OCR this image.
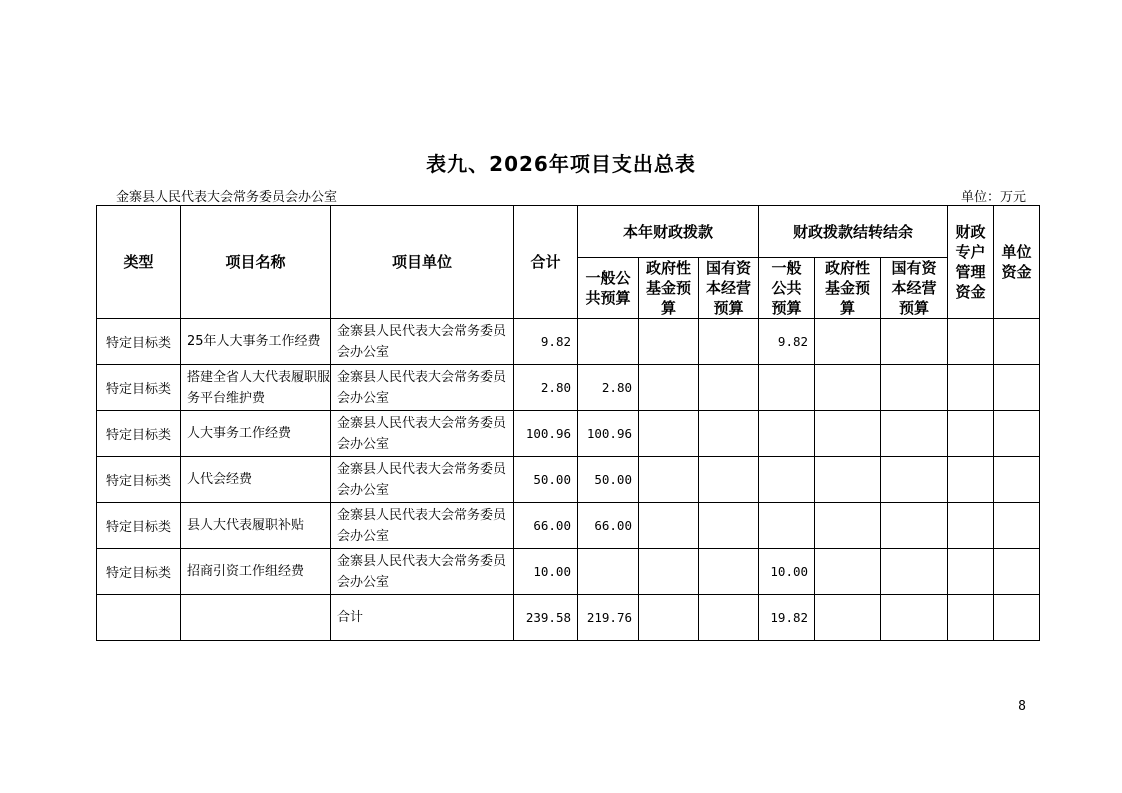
表九、2026年项目支出总表
金寨县人民代表大会常务委员会办公室	单位：万元
类型	项目名称	项目单位	合计	本年财政拨款			财政拨款结转结余			财政专户管理资金	单位资金
				一般公共预算	政府性基金预算	国有资本经营预算	一般公共预算	政府性基金预算	国有资本经营预算		
特定目标类	25年人大事务工作经费	金寨县人民代表大会常务委员会办公室	9.82				9.82				
特定目标类	搭建全省人大代表履职服务平台维护费	金寨县人民代表大会常务委员会办公室	2.80	2.80							
特定目标类	人大事务工作经费	金寨县人民代表大会常务委员会办公室	100.96	100.96							
特定目标类	人代会经费	金寨县人民代表大会常务委员会办公室	50.00	50.00							
特定目标类	县人大代表履职补贴	金寨县人民代表大会常务委员会办公室	66.00	66.00							
特定目标类	招商引资工作组经费	金寨县人民代表大会常务委员会办公室	10.00				10.00				
		合计	239.58	219.76			19.82				
8
